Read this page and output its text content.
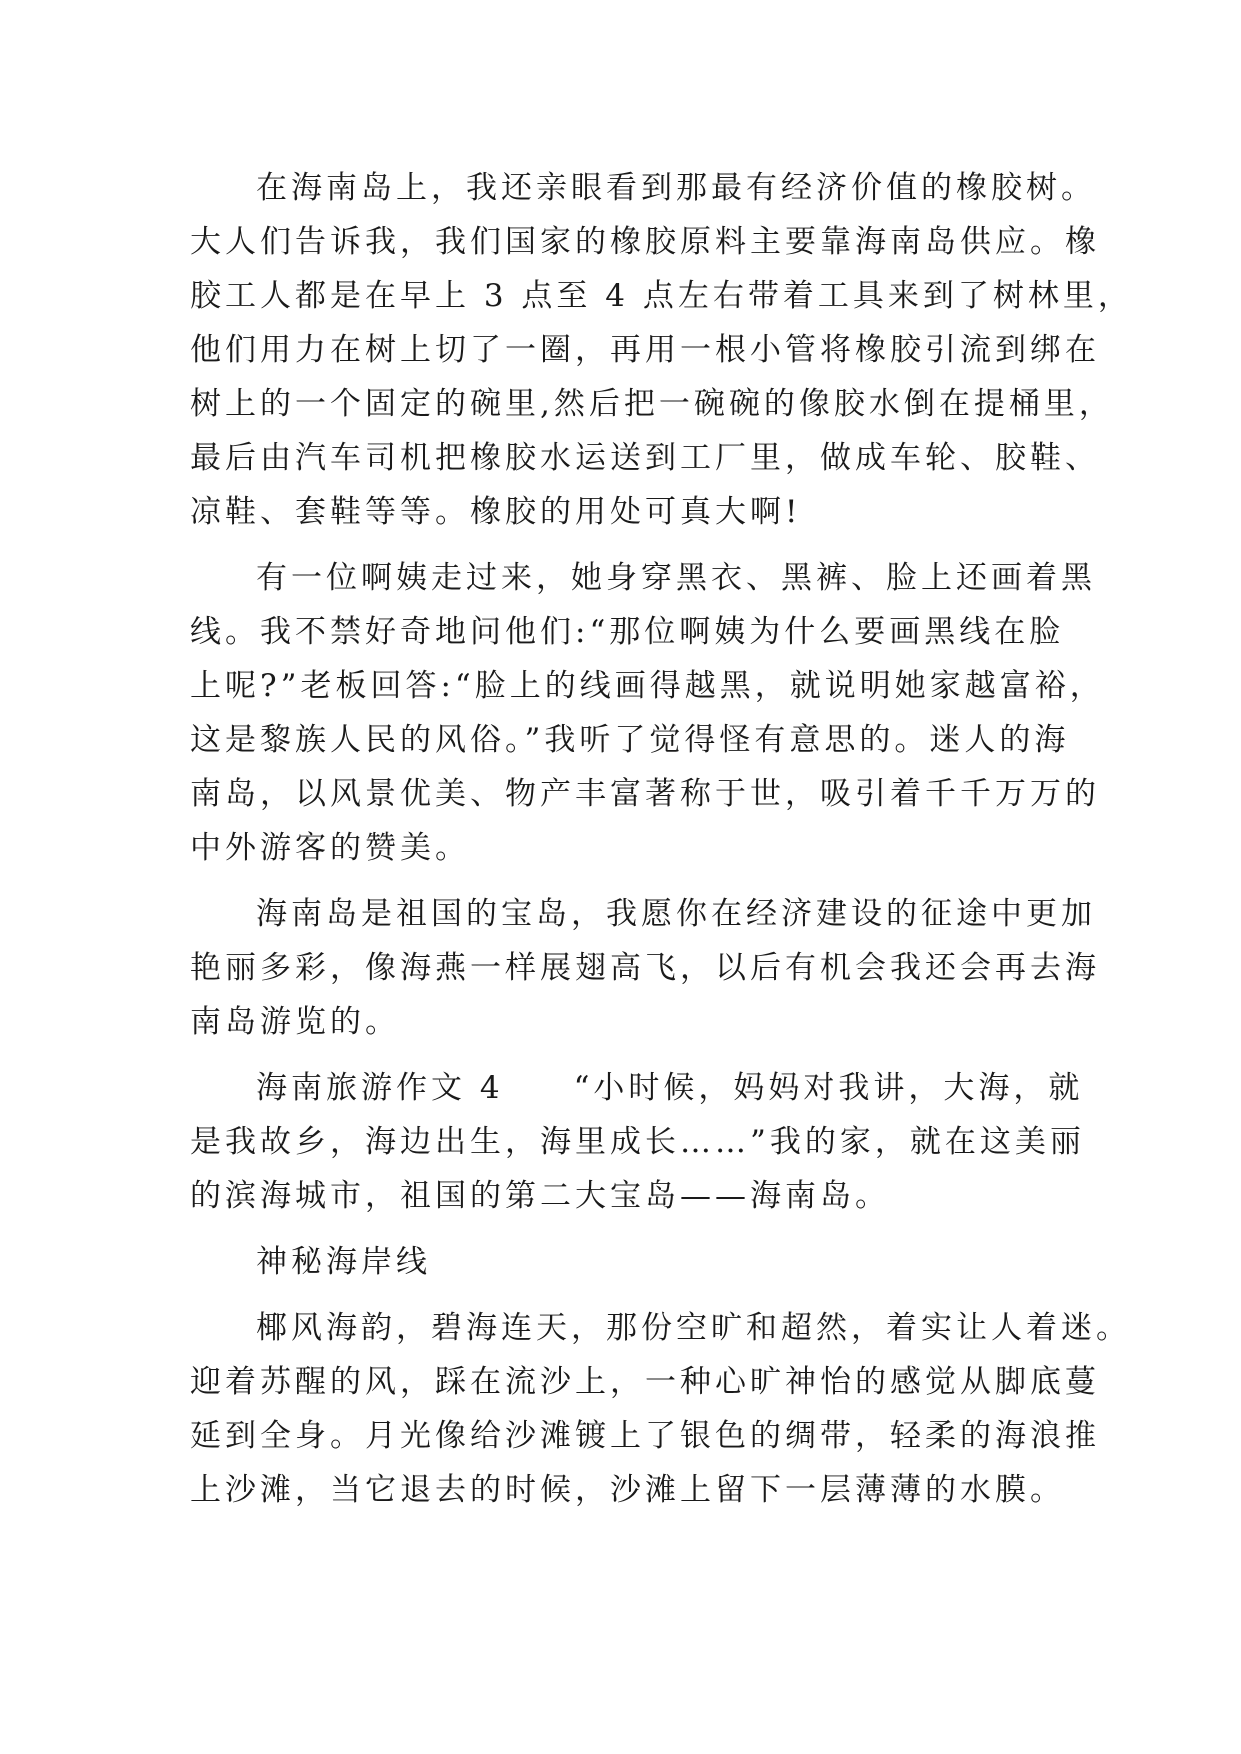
在海南岛上，我还亲眼看到那最有经济价值的橡胶树。
大人们告诉我，我们国家的橡胶原料主要靠海南岛供应。橡
胶工人都是在早上 3 点至 4 点左右带着工具来到了树林里，
他们用力在树上切了一圈，再用一根小管将橡胶引流到绑在
树上的一个固定的碗里,然后把一碗碗的像胶水倒在提桶里，
最后由汽车司机把橡胶水运送到工厂里，做成车轮、胶鞋、
凉鞋、套鞋等等。橡胶的用处可真大啊!
有一位啊姨走过来，她身穿黑衣、黑裤、脸上还画着黑
线。我不禁好奇地问他们:“那位啊姨为什么要画黑线在脸
上呢?”老板回答:“脸上的线画得越黑，就说明她家越富裕，
这是黎族人民的风俗。”我听了觉得怪有意思的。迷人的海
南岛，以风景优美、物产丰富著称于世，吸引着千千万万的
中外游客的赞美。
海南岛是祖国的宝岛，我愿你在经济建设的征途中更加
艳丽多彩，像海燕一样展翅高飞，以后有机会我还会再去海
南岛游览的。
海南旅游作文 4　　“小时候，妈妈对我讲，大海，就
是我故乡，海边出生，海里成长……”我的家，就在这美丽
的滨海城市，祖国的第二大宝岛——海南岛。
神秘海岸线
椰风海韵，碧海连天，那份空旷和超然，着实让人着迷。
迎着苏醒的风，踩在流沙上，一种心旷神怡的感觉从脚底蔓
延到全身。月光像给沙滩镀上了银色的绸带，轻柔的海浪推
上沙滩，当它退去的时候，沙滩上留下一层薄薄的水膜。
